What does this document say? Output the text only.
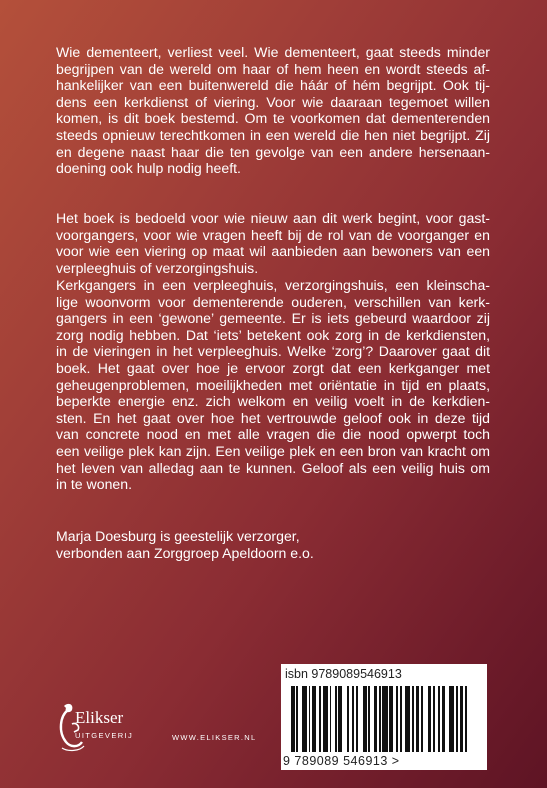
Wie dementeert, verliest veel. Wie dementeert, gaat steeds minder
begrijpen van de wereld om haar of hem heen en wordt steeds af-
hankelijker van een buitenwereld die háár of hém begrijpt. Ook tij-
dens een kerkdienst of viering. Voor wie daaraan tegemoet willen
komen, is dit boek bestemd. Om te voorkomen dat dementerenden
steeds opnieuw terechtkomen in een wereld die hen niet begrijpt. Zij
en degene naast haar die ten gevolge van een andere hersenaan-
doening ook hulp nodig heeft.
Het boek is bedoeld voor wie nieuw aan dit werk begint, voor gast-
voorgangers, voor wie vragen heeft bij de rol van de voorganger en
voor wie een viering op maat wil aanbieden aan bewoners van een
verpleeghuis of verzorgingshuis.
Kerkgangers in een verpleeghuis, verzorgingshuis, een kleinscha-
lige woonvorm voor dementerende ouderen, verschillen van kerk-
gangers in een ‘gewone’ gemeente. Er is iets gebeurd waardoor zij
zorg nodig hebben. Dat ‘iets’ betekent ook zorg in de kerkdiensten,
in de vieringen in het verpleeghuis. Welke ‘zorg’? Daarover gaat dit
boek. Het gaat over hoe je ervoor zorgt dat een kerkganger met
geheugenproblemen, moeilijkheden met oriëntatie in tijd en plaats,
beperkte energie enz. zich welkom en veilig voelt in de kerkdien-
sten. En het gaat over hoe het vertrouwde geloof ook in deze tijd
van concrete nood en met alle vragen die die nood opwerpt toch
een veilige plek kan zijn. Een veilige plek en een bron van kracht om
het leven van alledag aan te kunnen. Geloof als een veilig huis om
in te wonen.
Marja Doesburg is geestelijk verzorger,
verbonden aan Zorggroep Apeldoorn e.o.
Elikser
UITGEVERIJ	WWW.ELIKSER.NL
isbn 9789089546913
9 789089 546913 >
